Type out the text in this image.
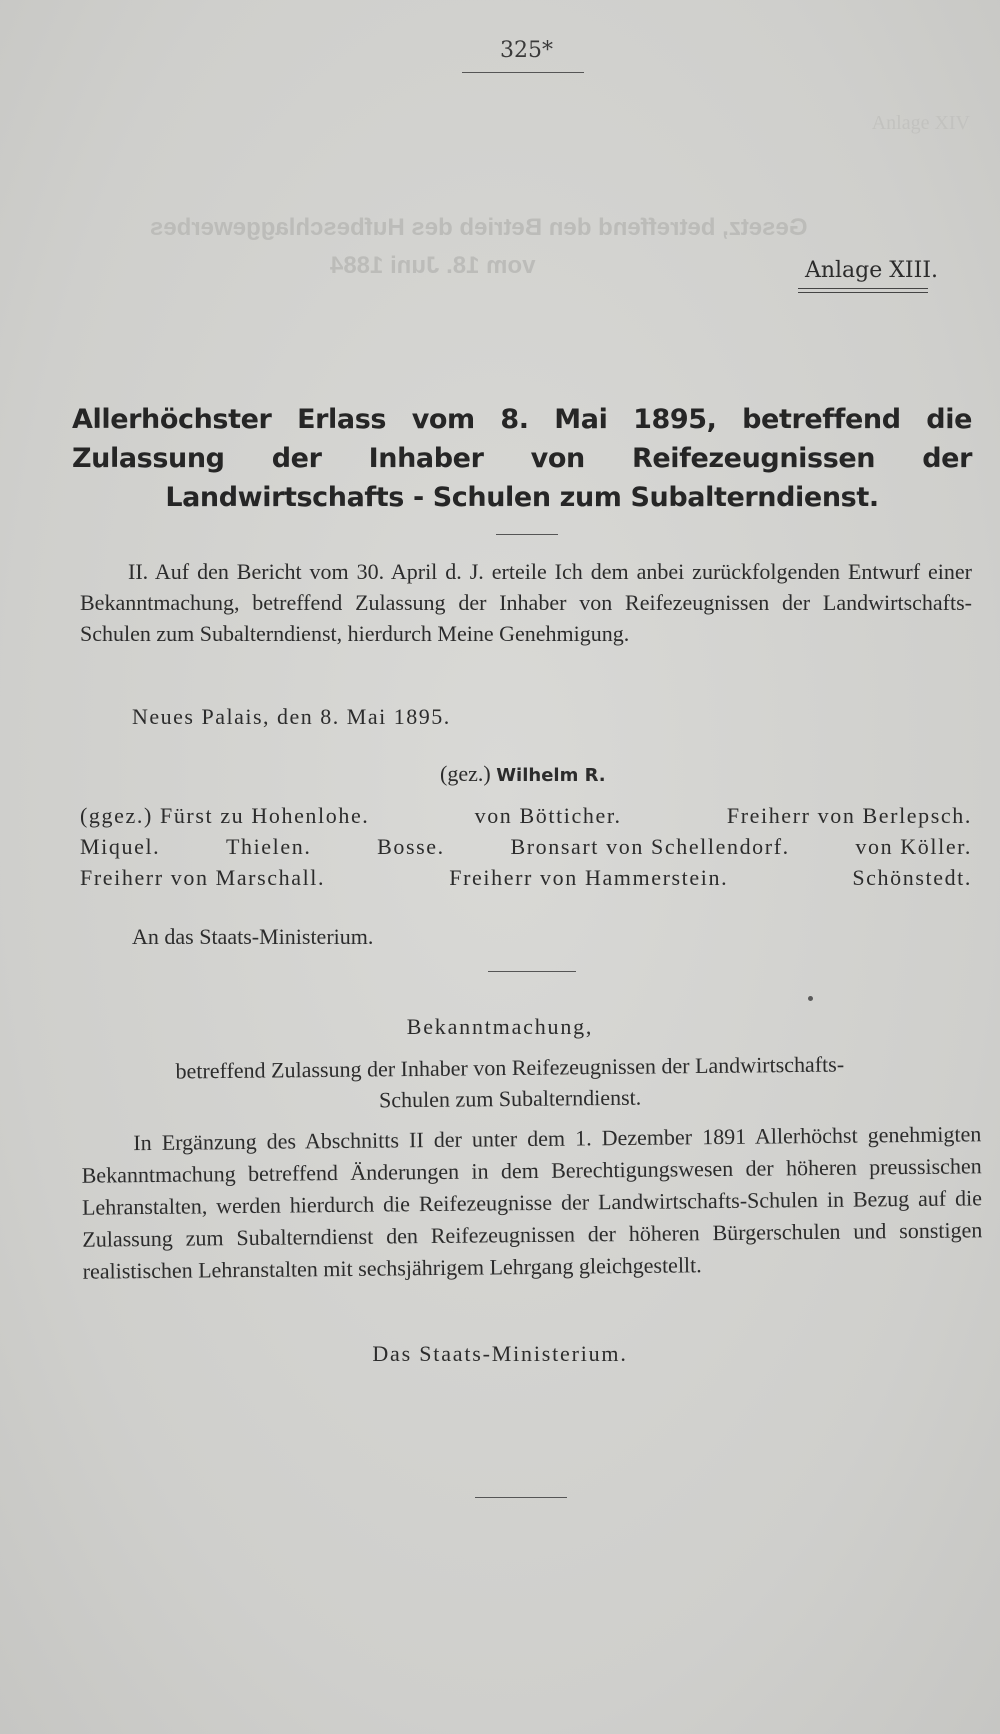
Anlage XIV
Gesetz, betreffend den Betrieb des Hufbeschlaggewerbes
vom 18. Juni 1884
325*
Anlage XIII.
Allerhöchster Erlass vom 8. Mai 1895, betreffend die Zulassung der Inhaber von Reifezeugnissen der Landwirtschafts - Schulen zum Subalterndienst.
II. Auf den Bericht vom 30. April d. J. erteile Ich dem anbei zurückfolgenden Entwurf einer Bekanntmachung, betreffend Zulassung der Inhaber von Reifezeugnissen der Landwirtschafts-Schulen zum Subalterndienst, hierdurch Meine Genehmigung.
Neues Palais, den 8. Mai 1895.
(gez.) Wilhelm R.
(ggez.) Fürst zu Hohenlohe.	von Bötticher.	Freiherr von Berlepsch.
Miquel.	Thielen.	Bosse.	Bronsart von Schellendorf.	von Köller.
Freiherr von Marschall.	Freiherr von Hammerstein.	Schönstedt.
An das Staats-Ministerium.
Bekanntmachung,
betreffend Zulassung der Inhaber von Reifezeugnissen der Landwirtschafts-
Schulen zum Subalterndienst.
In Ergänzung des Abschnitts II der unter dem 1. Dezember 1891 Allerhöchst genehmigten Bekanntmachung betreffend Änderungen in dem Berechtigungswesen der höheren preussischen Lehranstalten, werden hierdurch die Reifezeugnisse der Landwirtschafts-Schulen in Bezug auf die Zulassung zum Subalterndienst den Reifezeugnissen der höheren Bürgerschulen und sonstigen realistischen Lehranstalten mit sechsjährigem Lehrgang gleichgestellt.
Das Staats-Ministerium.
